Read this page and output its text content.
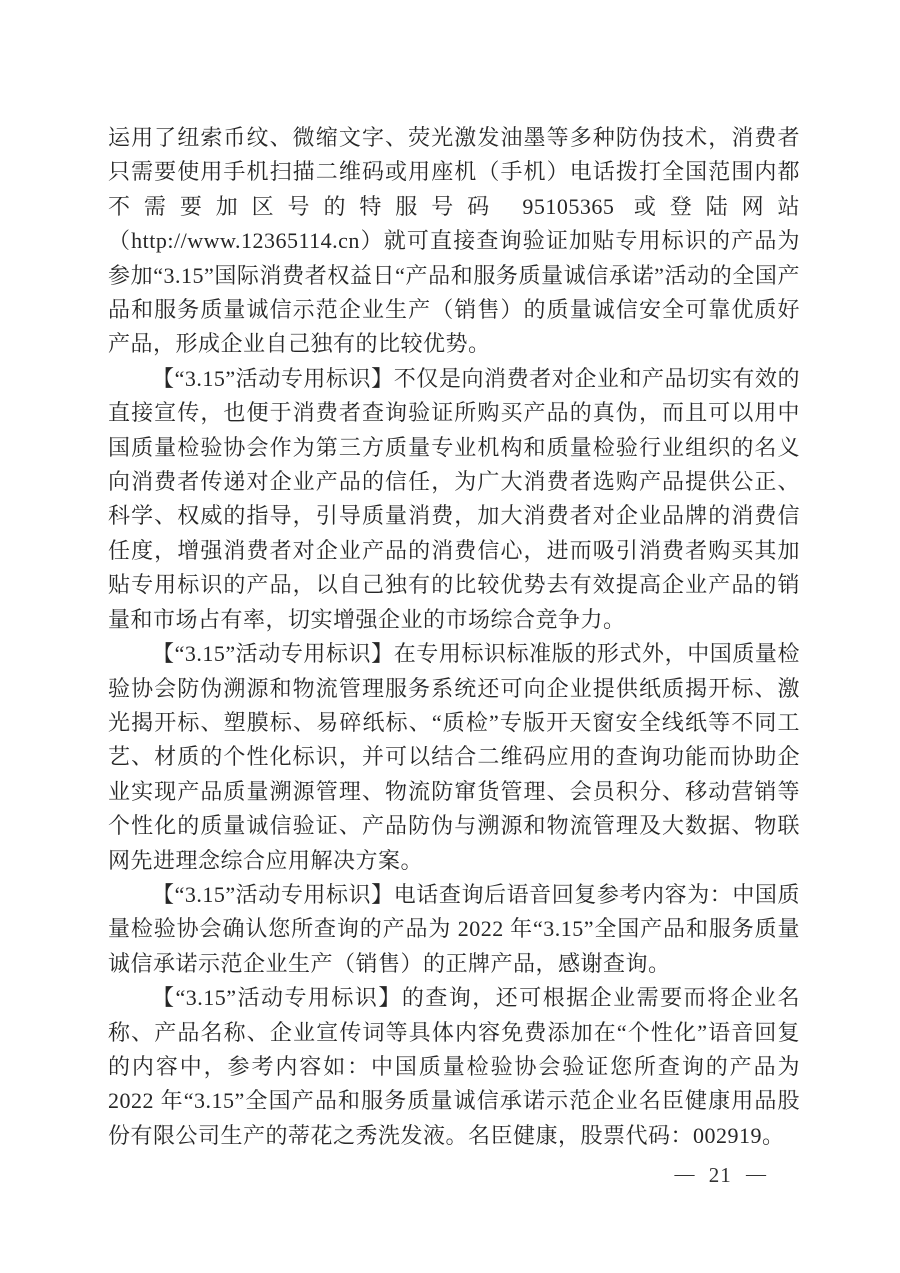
运用了纽索币纹、微缩文字、荧光激发油墨等多种防伪技术，消费者只需要使用手机扫描二维码或用座机（手机）电话拨打全国范围内都不需要加区号的特服号码 95105365 或登陆网站（http://www.12365114.cn）就可直接查询验证加贴专用标识的产品为参加“3.15”国际消费者权益日“产品和服务质量诚信承诺”活动的全国产品和服务质量诚信示范企业生产（销售）的质量诚信安全可靠优质好产品，形成企业自己独有的比较优势。

【“3.15”活动专用标识】不仅是向消费者对企业和产品切实有效的直接宣传，也便于消费者查询验证所购买产品的真伪，而且可以用中国质量检验协会作为第三方质量专业机构和质量检验行业组织的名义向消费者传递对企业产品的信任，为广大消费者选购产品提供公正、科学、权威的指导，引导质量消费，加大消费者对企业品牌的消费信任度，增强消费者对企业产品的消费信心，进而吸引消费者购买其加贴专用标识的产品，以自己独有的比较优势去有效提高企业产品的销量和市场占有率，切实增强企业的市场综合竞争力。

【“3.15”活动专用标识】在专用标识标准版的形式外，中国质量检验协会防伪溯源和物流管理服务系统还可向企业提供纸质揭开标、激光揭开标、塑膜标、易碎纸标、“质检”专版开天窗安全线纸等不同工艺、材质的个性化标识，并可以结合二维码应用的查询功能而协助企业实现产品质量溯源管理、物流防窜货管理、会员积分、移动营销等个性化的质量诚信验证、产品防伪与溯源和物流管理及大数据、物联网先进理念综合应用解决方案。

【“3.15”活动专用标识】电话查询后语音回复参考内容为：中国质量检验协会确认您所查询的产品为 2022 年“3.15”全国产品和服务质量诚信承诺示范企业生产（销售）的正牌产品，感谢查询。

【“3.15”活动专用标识】的查询，还可根据企业需要而将企业名称、产品名称、企业宣传词等具体内容免费添加在“个性化”语音回复的内容中，参考内容如：中国质量检验协会验证您所查询的产品为 2022 年“3.15”全国产品和服务质量诚信承诺示范企业名臣健康用品股份有限公司生产的蒂花之秀洗发液。名臣健康，股票代码：002919。

— 21 —
